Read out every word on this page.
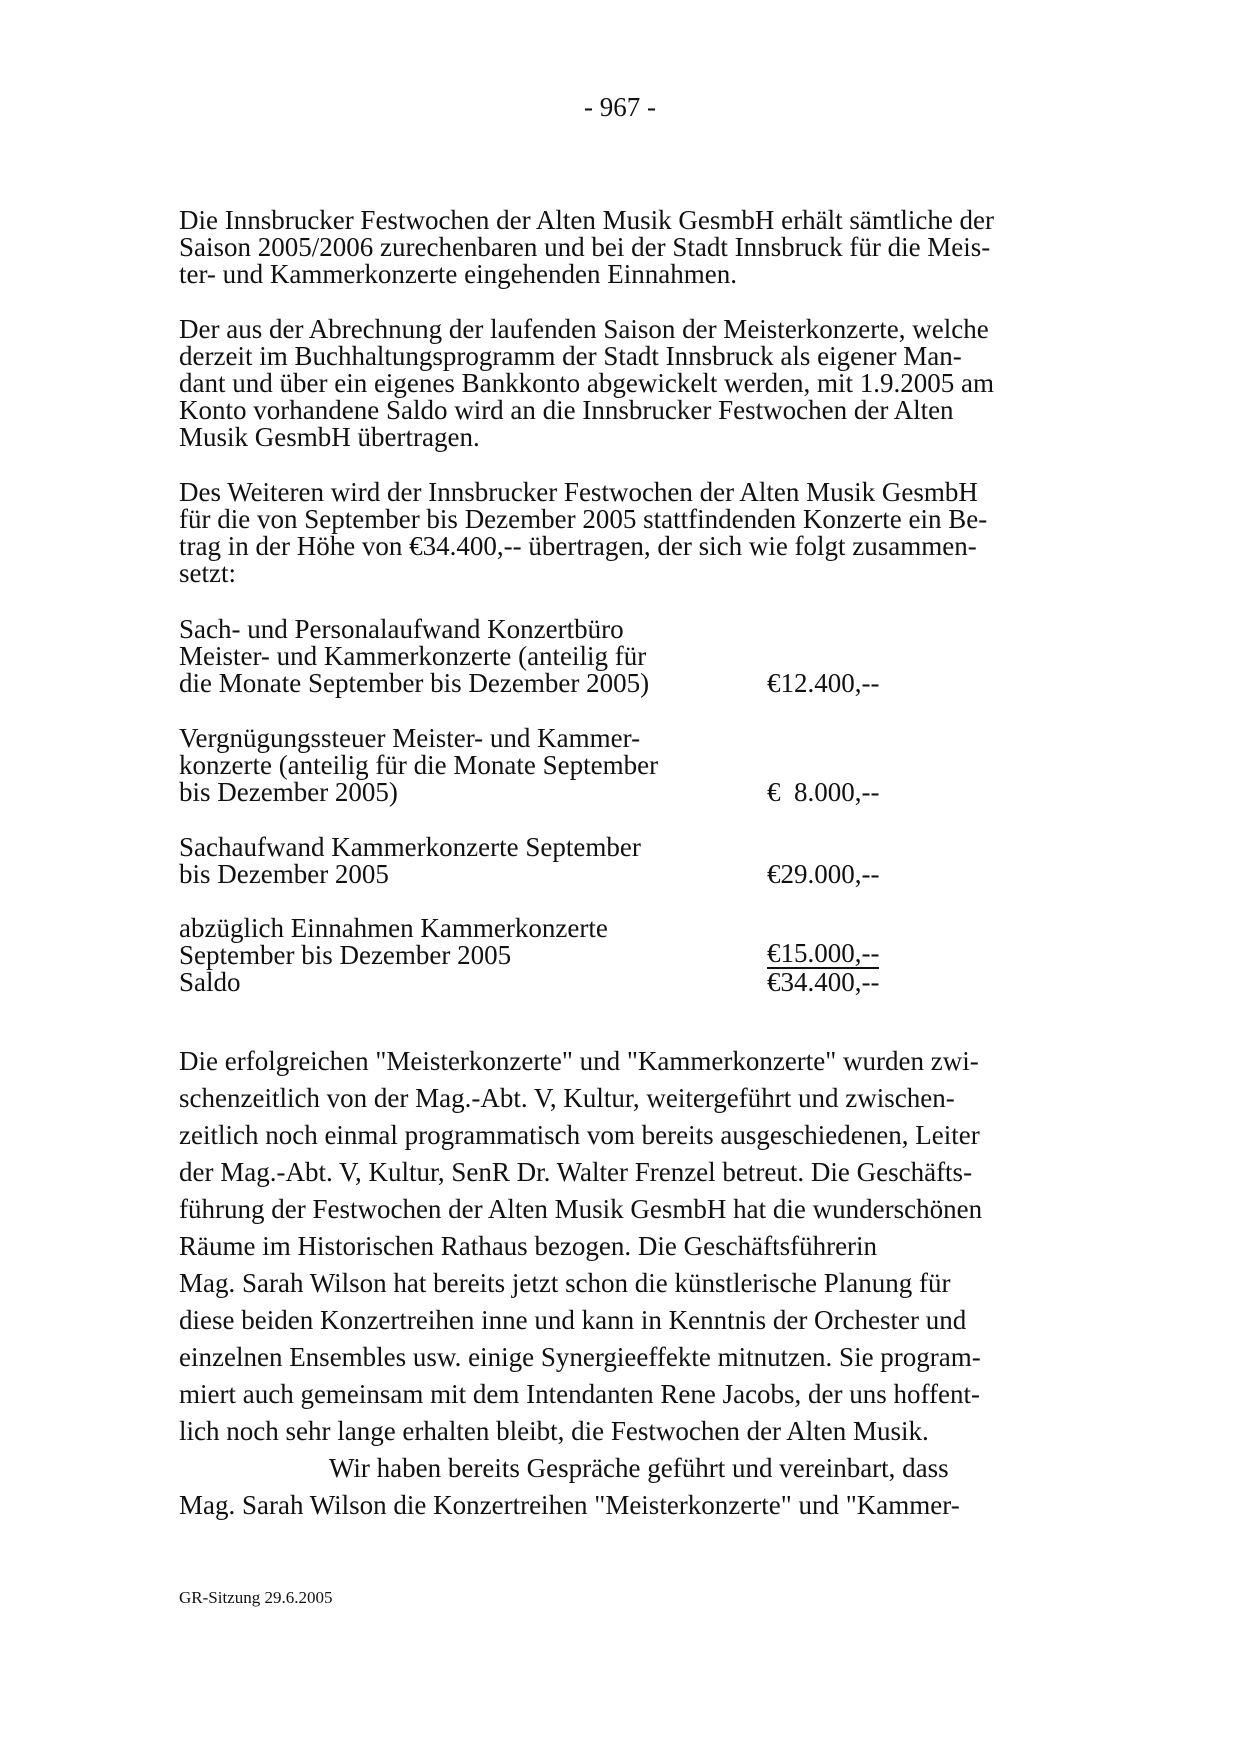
- 967 -

Die Innsbrucker Festwochen der Alten Musik GesmbH erhält sämtliche der

Saison 2005/2006 zurechenbaren und bei der Stadt Innsbruck für die Meis-

ter- und Kammerkonzerte eingehenden Einnahmen.

Der aus der Abrechnung der laufenden Saison der Meisterkonzerte, welche

derzeit im Buchhaltungsprogramm der Stadt Innsbruck als eigener Man-

dant und über ein eigenes Bankkonto abgewickelt werden, mit 1.9.2005 am

Konto vorhandene Saldo wird an die Innsbrucker Festwochen der Alten

Musik GesmbH übertragen.

Des Weiteren wird der Innsbrucker Festwochen der Alten Musik GesmbH

für die von September bis Dezember 2005 stattfindenden Konzerte ein Be-

trag in der Höhe von €34.400,-- übertragen, der sich wie folgt zusammen-

setzt:

Sach- und Personalaufwand Konzertbüro

Meister- und Kammerkonzerte (anteilig für

die Monate September bis Dezember 2005)	€12.400,--

Vergnügungssteuer Meister- und Kammer-

konzerte (anteilig für die Monate September

bis Dezember 2005)	€  8.000,--

Sachaufwand Kammerkonzerte September

bis Dezember 2005	€29.000,--

abzüglich Einnahmen Kammerkonzerte

September bis Dezember 2005	€15.000,--

Saldo	€34.400,--

Die erfolgreichen "Meisterkonzerte" und "Kammerkonzerte" wurden zwi-

schenzeitlich von der Mag.-Abt. V, Kultur, weitergeführt und zwischen-

zeitlich noch einmal programmatisch vom bereits ausgeschiedenen, Leiter

der Mag.-Abt. V, Kultur, SenR Dr. Walter Frenzel betreut. Die Geschäfts-

führung der Festwochen der Alten Musik GesmbH hat die wunderschönen

Räume im Historischen Rathaus bezogen. Die Geschäftsführerin

Mag. Sarah Wilson hat bereits jetzt schon die künstlerische Planung für

diese beiden Konzertreihen inne und kann in Kenntnis der Orchester und

einzelnen Ensembles usw. einige Synergieeffekte mitnutzen. Sie program-

miert auch gemeinsam mit dem Intendanten Rene Jacobs, der uns hoffent-

lich noch sehr lange erhalten bleibt, die Festwochen der Alten Musik.

Wir haben bereits Gespräche geführt und vereinbart, dass

Mag. Sarah Wilson die Konzertreihen "Meisterkonzerte" und "Kammer-

GR-Sitzung 29.6.2005
